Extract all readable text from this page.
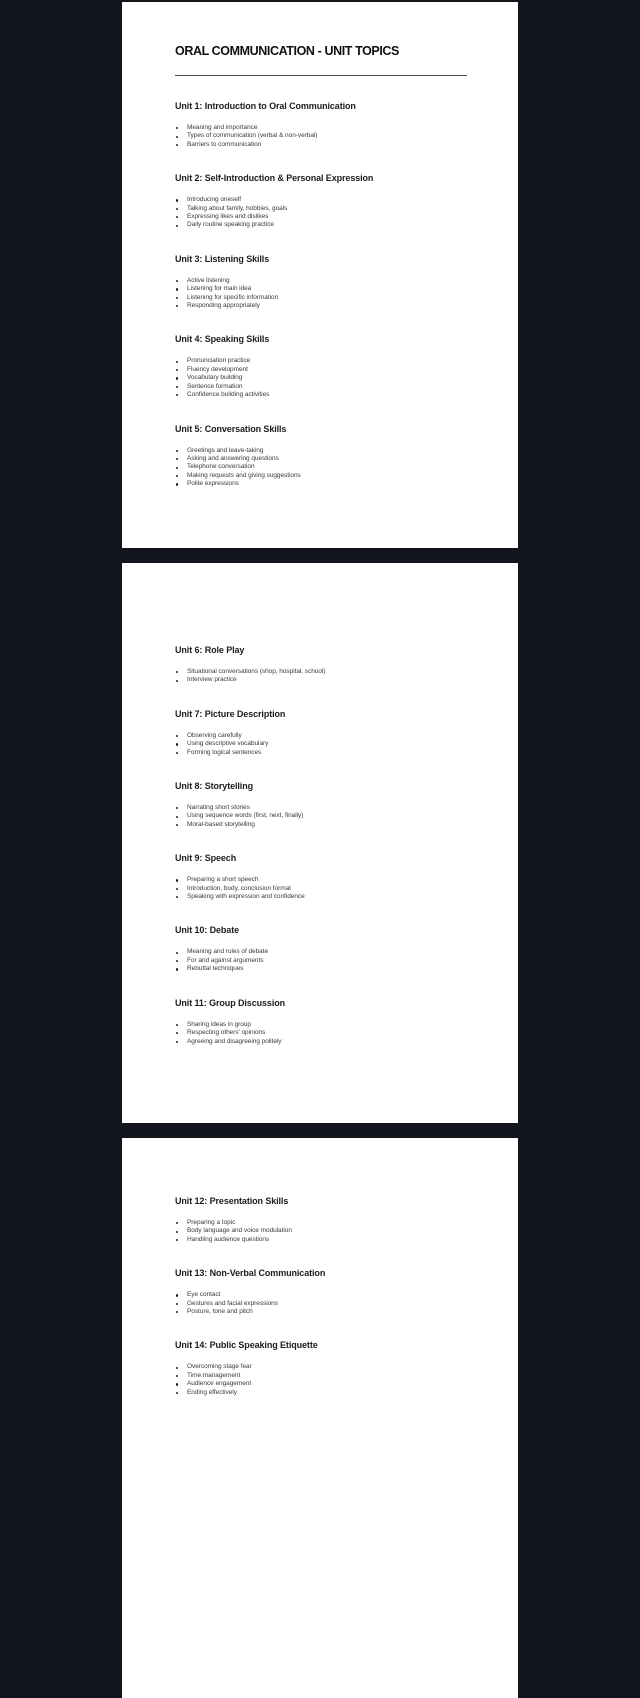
ORAL COMMUNICATION - UNIT TOPICS
Unit 1: Introduction to Oral Communication
Meaning and importance
Types of communication (verbal & non-verbal)
Barriers to communication
Unit 2: Self-Introduction & Personal Expression
Introducing oneself
Talking about family, hobbies, goals
Expressing likes and dislikes
Daily routine speaking practice
Unit 3: Listening Skills
Active listening
Listening for main idea
Listening for specific information
Responding appropriately
Unit 4: Speaking Skills
Pronunciation practice
Fluency development
Vocabulary building
Sentence formation
Confidence building activities
Unit 5: Conversation Skills
Greetings and leave-taking
Asking and answering questions
Telephone conversation
Making requests and giving suggestions
Polite expressions
Unit 6: Role Play
Situational conversations (shop, hospital, school)
Interview practice
Unit 7: Picture Description
Observing carefully
Using descriptive vocabulary
Forming logical sentences
Unit 8: Storytelling
Narrating short stories
Using sequence words (first, next, finally)
Moral-based storytelling
Unit 9: Speech
Preparing a short speech
Introduction, body, conclusion format
Speaking with expression and confidence
Unit 10: Debate
Meaning and rules of debate
For and against arguments
Rebuttal techniques
Unit 11: Group Discussion
Sharing ideas in group
Respecting others' opinions
Agreeing and disagreeing politely
Unit 12: Presentation Skills
Preparing a topic
Body language and voice modulation
Handling audience questions
Unit 13: Non-Verbal Communication
Eye contact
Gestures and facial expressions
Posture, tone and pitch
Unit 14: Public Speaking Etiquette
Overcoming stage fear
Time management
Audience engagement
Ending effectively
